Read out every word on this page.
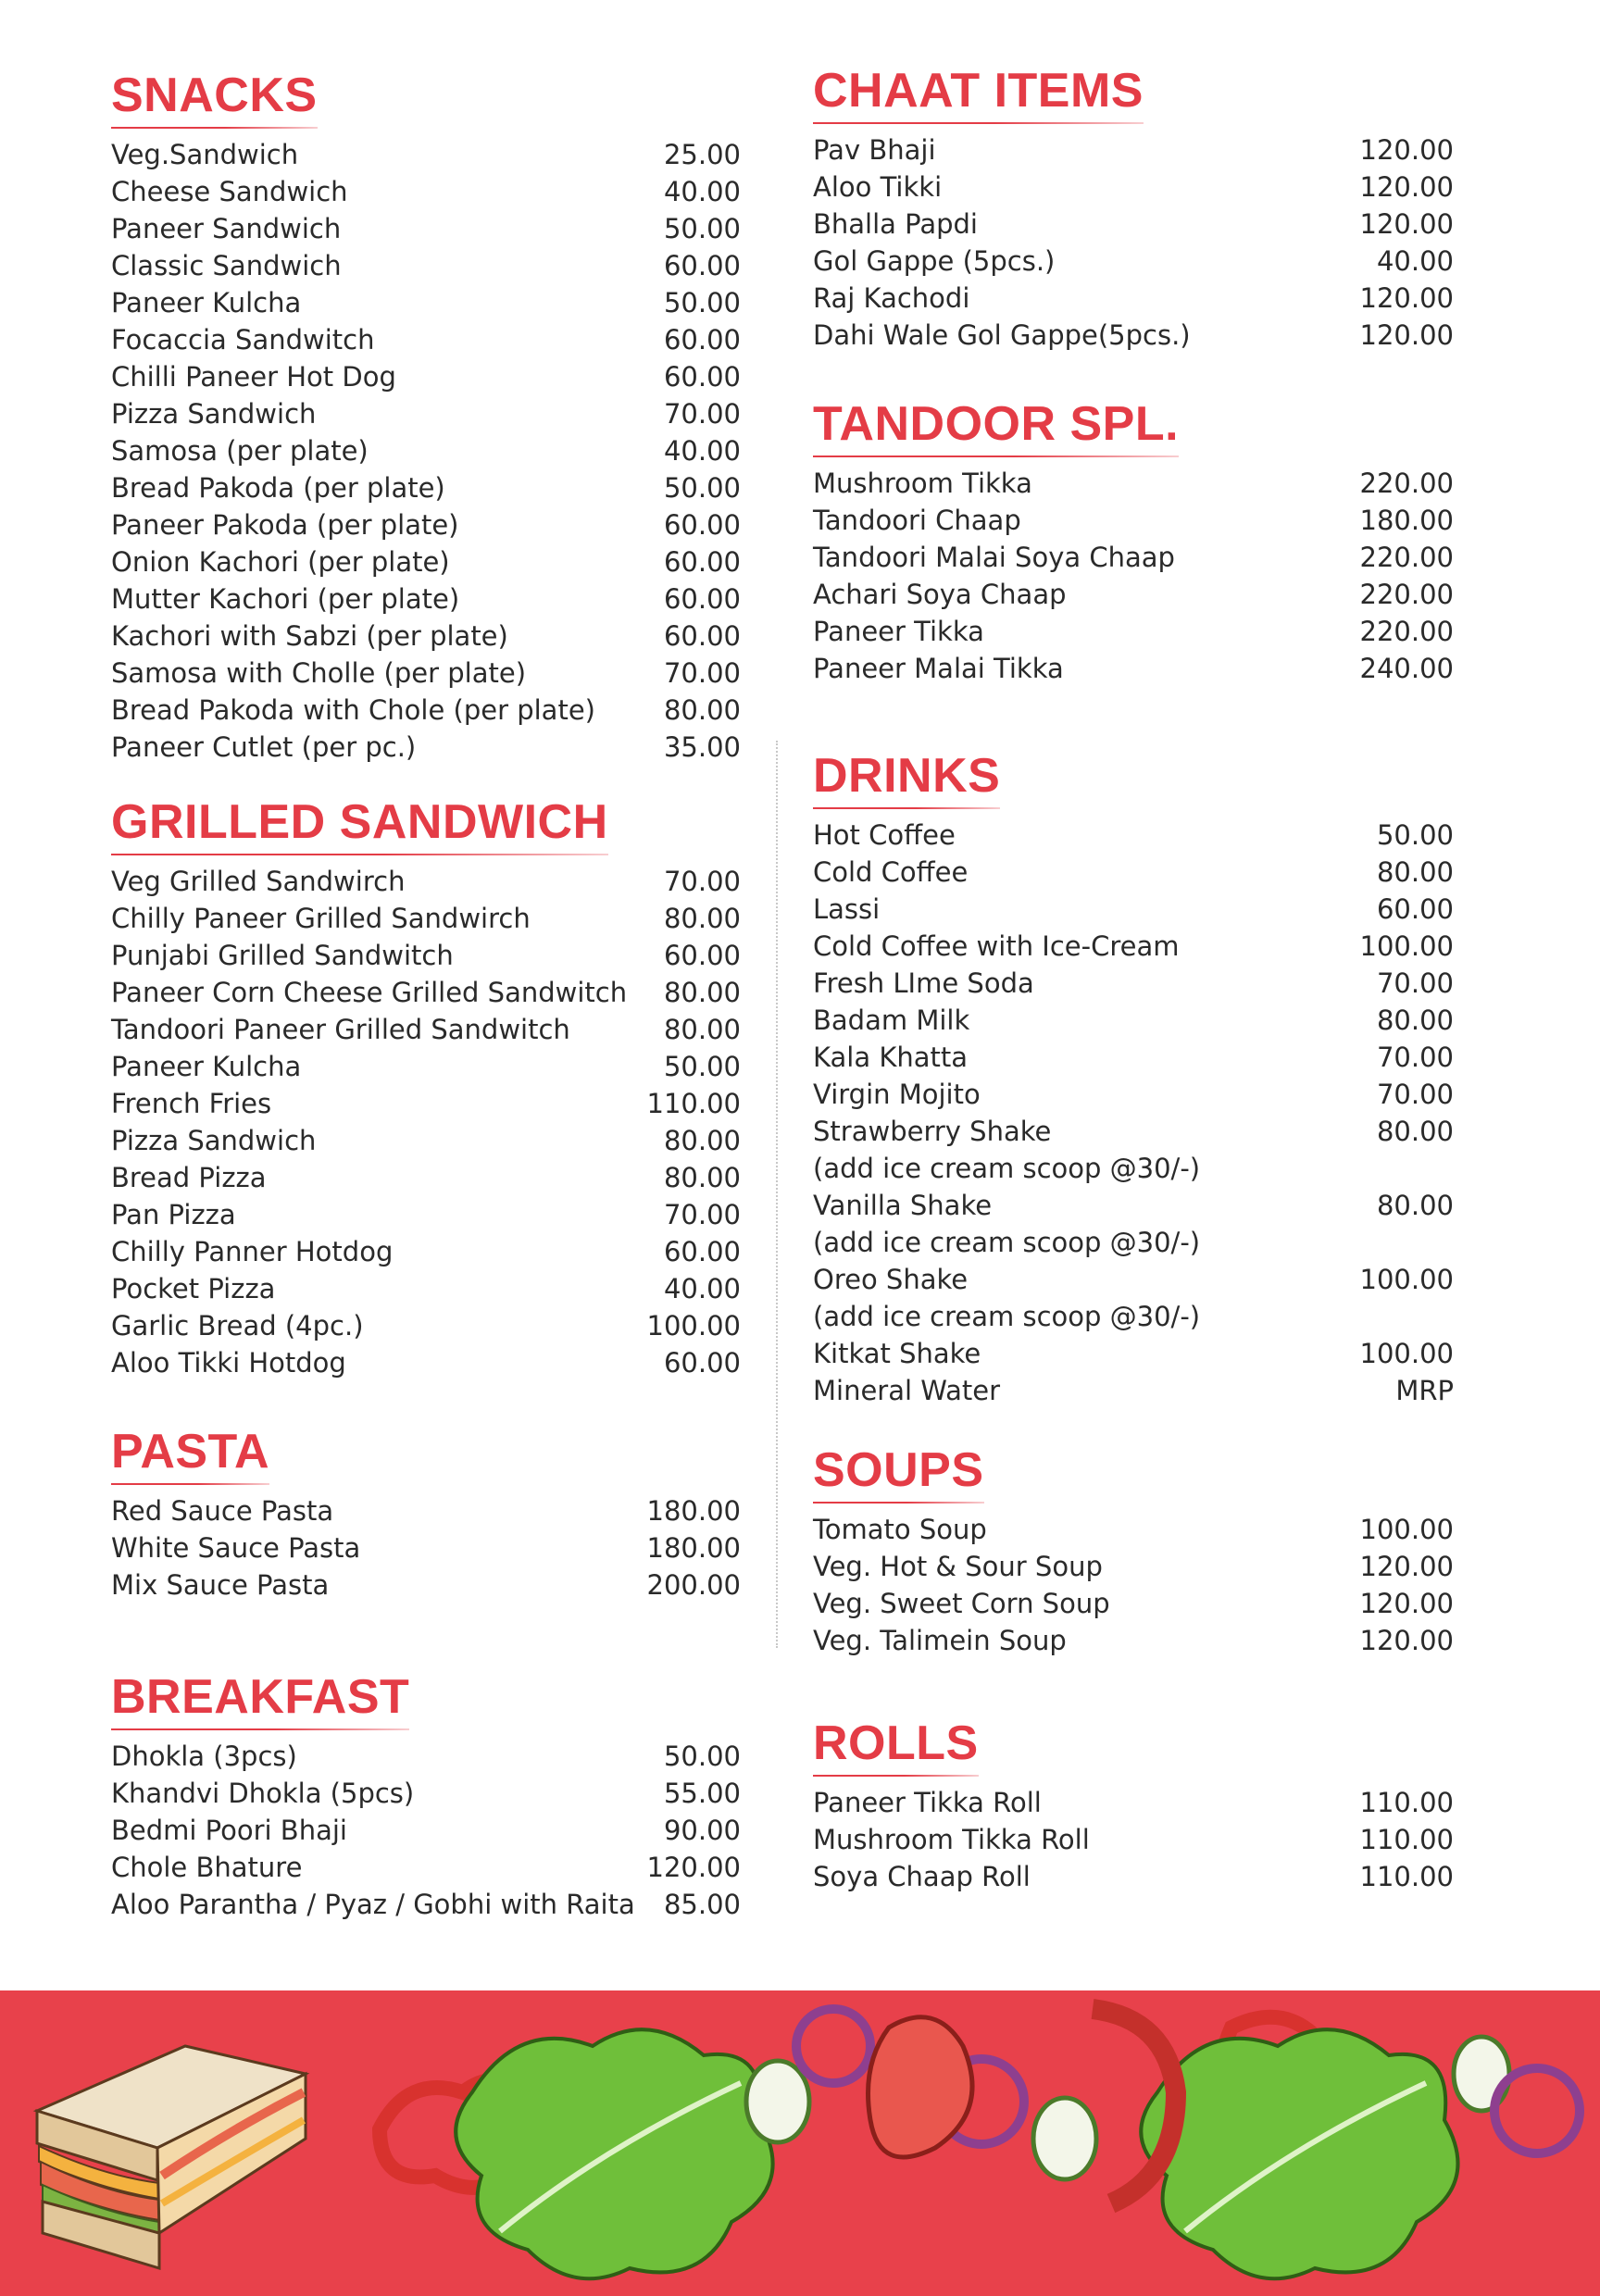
SNACKS
Veg.Sandwich	25.00
Cheese Sandwich	40.00
Paneer Sandwich	50.00
Classic Sandwich	60.00
Paneer Kulcha	50.00
Focaccia Sandwitch	60.00
Chilli Paneer Hot Dog	60.00
Pizza Sandwich	70.00
Samosa (per plate)	40.00
Bread Pakoda (per plate)	50.00
Paneer Pakoda (per plate)	60.00
Onion Kachori (per plate)	60.00
Mutter Kachori (per plate)	60.00
Kachori with Sabzi (per plate)	60.00
Samosa with Cholle (per plate)	70.00
Bread Pakoda with Chole (per plate)	80.00
Paneer Cutlet (per pc.)	35.00
GRILLED SANDWICH
Veg Grilled Sandwirch	70.00
Chilly Paneer Grilled Sandwirch	80.00
Punjabi Grilled Sandwitch	60.00
Paneer Corn Cheese Grilled Sandwitch 80.00
Tandoori Paneer Grilled Sandwitch	80.00
Paneer Kulcha	50.00
French Fries	110.00
Pizza Sandwich	80.00
Bread Pizza	80.00
Pan Pizza	70.00
Chilly Panner Hotdog	60.00
Pocket Pizza	40.00
Garlic Bread (4pc.)	100.00
Aloo Tikki Hotdog	60.00
PASTA
Red Sauce Pasta	180.00
White Sauce Pasta	180.00
Mix Sauce Pasta	200.00
BREAKFAST
Dhokla (3pcs)	50.00
Khandvi Dhokla (5pcs)	55.00
Bedmi Poori Bhaji	90.00
Chole Bhature	120.00
Aloo Parantha / Pyaz / Gobhi with Raita 85.00
CHAAT ITEMS
Pav Bhaji	120.00
Aloo Tikki	120.00
Bhalla Papdi	120.00
Gol Gappe (5pcs.)	40.00
Raj Kachodi	120.00
Dahi Wale Gol Gappe(5pcs.)	120.00
TANDOOR SPL.
Mushroom Tikka	220.00
Tandoori Chaap	180.00
Tandoori Malai Soya Chaap	220.00
Achari Soya Chaap	220.00
Paneer Tikka	220.00
Paneer Malai Tikka	240.00
DRINKS
Hot Coffee	50.00
Cold Coffee	80.00
Lassi	60.00
Cold Coffee with Ice-Cream	100.00
Fresh LIme Soda	70.00
Badam Milk	80.00
Kala Khatta	70.00
Virgin Mojito	70.00
Strawberry Shake	80.00
(add ice cream scoop @30/-)
Vanilla Shake	80.00
(add ice cream scoop @30/-)
Oreo Shake	100.00
(add ice cream scoop @30/-)
Kitkat Shake	100.00
Mineral Water	MRP
SOUPS
Tomato Soup	100.00
Veg. Hot & Sour Soup	120.00
Veg. Sweet Corn Soup	120.00
Veg. Talimein Soup	120.00
ROLLS
Paneer Tikka Roll	110.00
Mushroom Tikka Roll	110.00
Soya Chaap Roll	110.00
